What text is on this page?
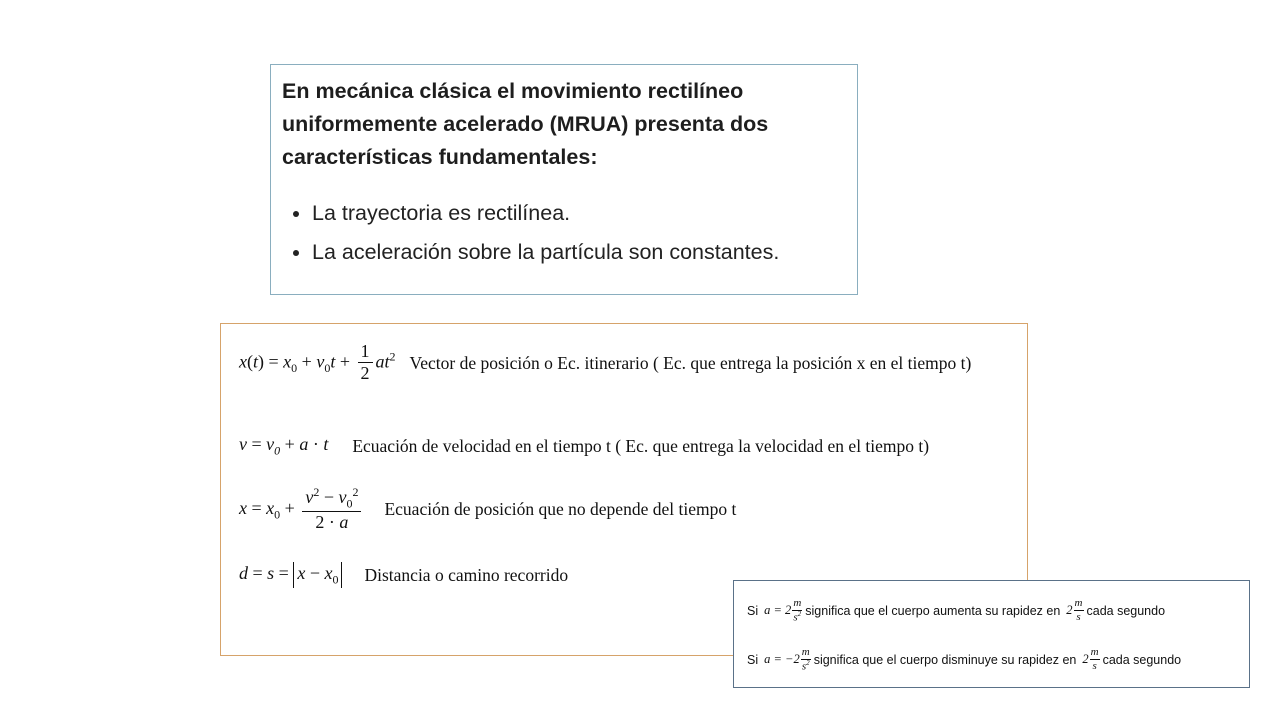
En mecánica clásica el movimiento rectilíneo uniformemente acelerado (MRUA) presenta dos características fundamentales:

• La trayectoria es rectilínea.
• La aceleración sobre la partícula son constantes.
$x(t) = x_0 + v_0t + \frac{1}{2} at^2$ Vector de posición o Ec. itinerario ( Ec. que entrega la posición x en el tiempo t)
$v = v_0 + a \cdot t$ Ecuación de velocidad en el tiempo t ( Ec. que entrega la velocidad en el tiempo t)
$x = x_0 + \frac{v^2 - v_0^2}{2 \cdot a}$ Ecuación de posición que no depende del tiempo t
$d = s = x - x_0$ Distancia o camino recorrido
Si $a = 2 \frac{m}{s^2}$ significa que el cuerpo aumenta su rapidez en $2 \frac{m}{s}$ cada segundo
Si $a = -2 \frac{m}{s^2}$ significa que el cuerpo disminuye su rapidez en $2 \frac{m}{s}$ cada segundo
